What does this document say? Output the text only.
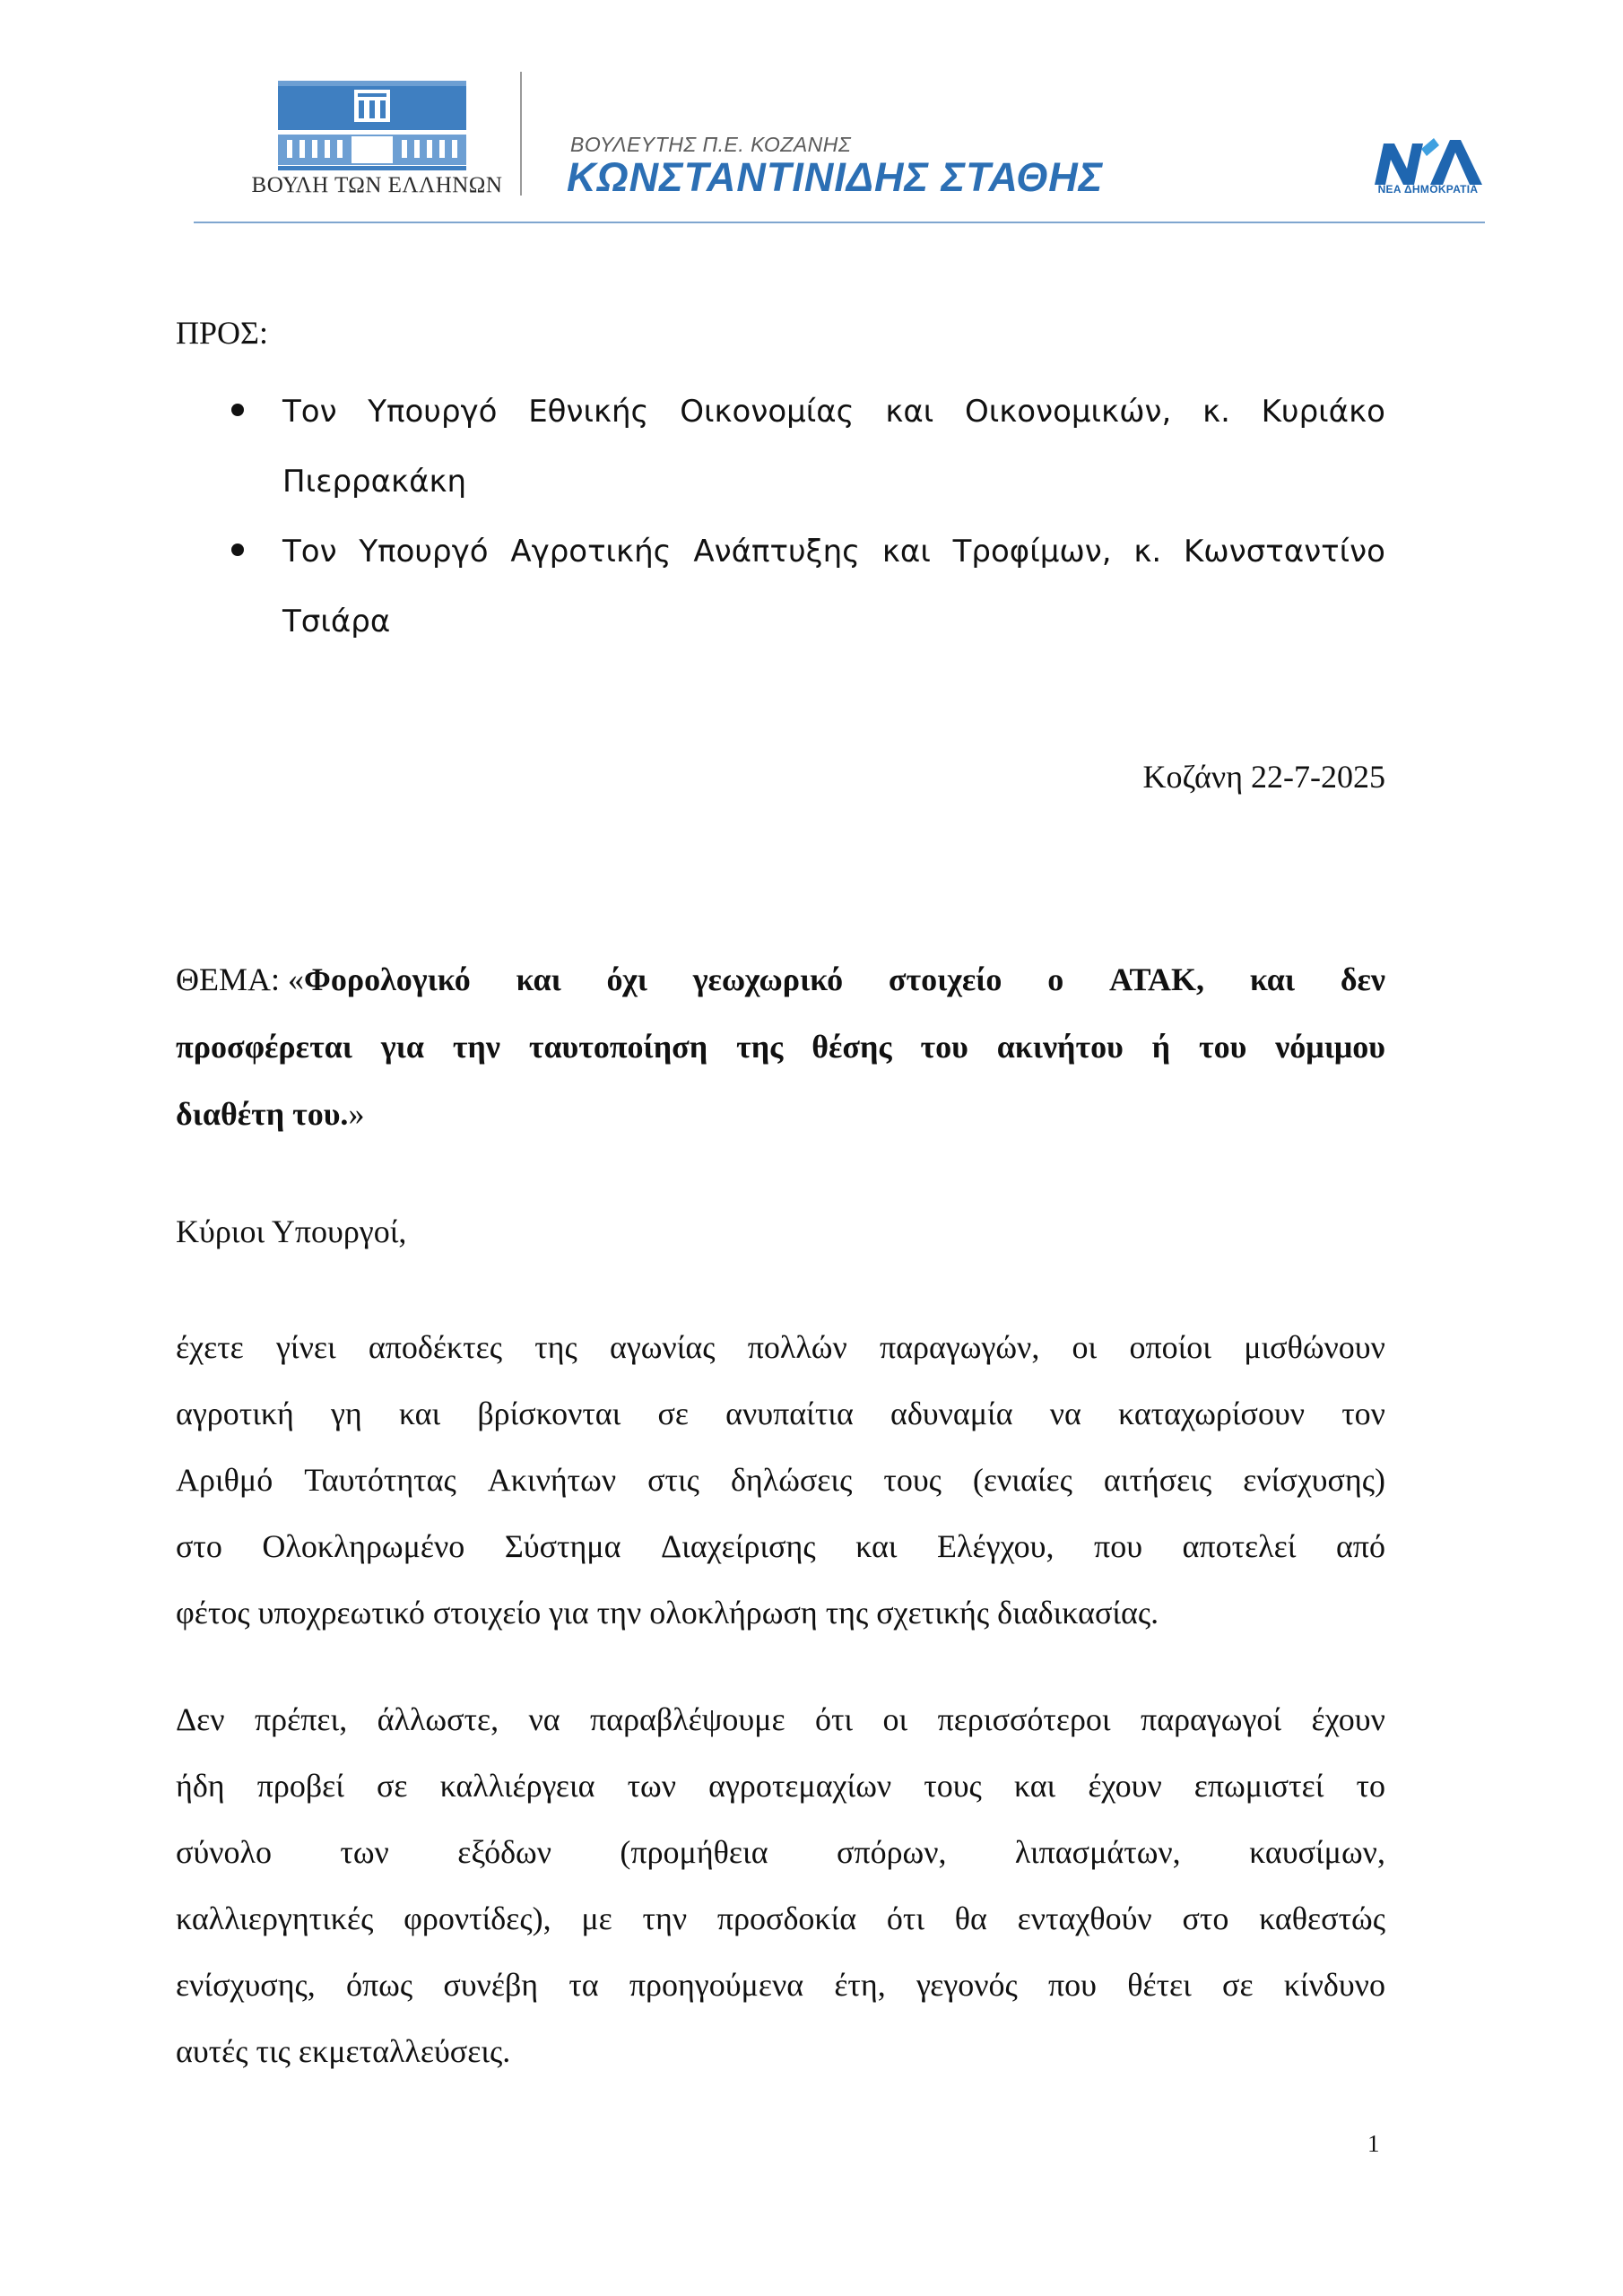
ΒΟΥΛΗ ΤΩΝ ΕΛΛΗΝΩΝ
ΒΟΥΛΕΥΤΗΣ Π.Ε. ΚΟΖΑΝΗΣ
ΚΩΝΣΤΑΝΤΙΝΙΔΗΣ ΣΤΑΘΗΣ	ΝΕΑ ΔΗΜΟΚΡΑΤΙΑ
ΠΡΟΣ:
Τον Υπουργό Εθνικής Οικονομίας και Οικονομικών, κ. Κυριάκο
Πιερρακάκη
Τον Υπουργό Αγροτικής Ανάπτυξης και Τροφίμων, κ. Κωνσταντίνο
Τσιάρα
Κοζάνη 22-7-2025
ΘΕΜΑ: « Φορολογικό και όχι γεωχωρικό στοιχείο ο ΑΤΑΚ, και δεν
προσφέρεται για την ταυτοποίηση της θέσης του ακινήτου ή του νόμιμου
διαθέτη του.»
Κύριοι Υπουργοί,
έχετε γίνει αποδέκτες της αγωνίας πολλών παραγωγών, οι οποίοι μισθώνουν
αγροτική γη και βρίσκονται σε ανυπαίτια αδυναμία να καταχωρίσουν τον
Αριθμό Ταυτότητας Ακινήτων στις δηλώσεις τους (ενιαίες αιτήσεις ενίσχυσης)
στο Ολοκληρωμένο Σύστημα Διαχείρισης και Ελέγχου, που αποτελεί από
φέτος υποχρεωτικό στοιχείο για την ολοκλήρωση της σχετικής διαδικασίας.
Δεν πρέπει, άλλωστε, να παραβλέψουμε ότι οι περισσότεροι παραγωγοί έχουν
ήδη προβεί σε καλλιέργεια των αγροτεμαχίων τους και έχουν επωμιστεί το
σύνολο των εξόδων (προμήθεια σπόρων, λιπασμάτων, καυσίμων,
καλλιεργητικές φροντίδες), με την προσδοκία ότι θα ενταχθούν στο καθεστώς
ενίσχυσης, όπως συνέβη τα προηγούμενα έτη, γεγονός που θέτει σε κίνδυνο
αυτές τις εκμεταλλεύσεις.
1
